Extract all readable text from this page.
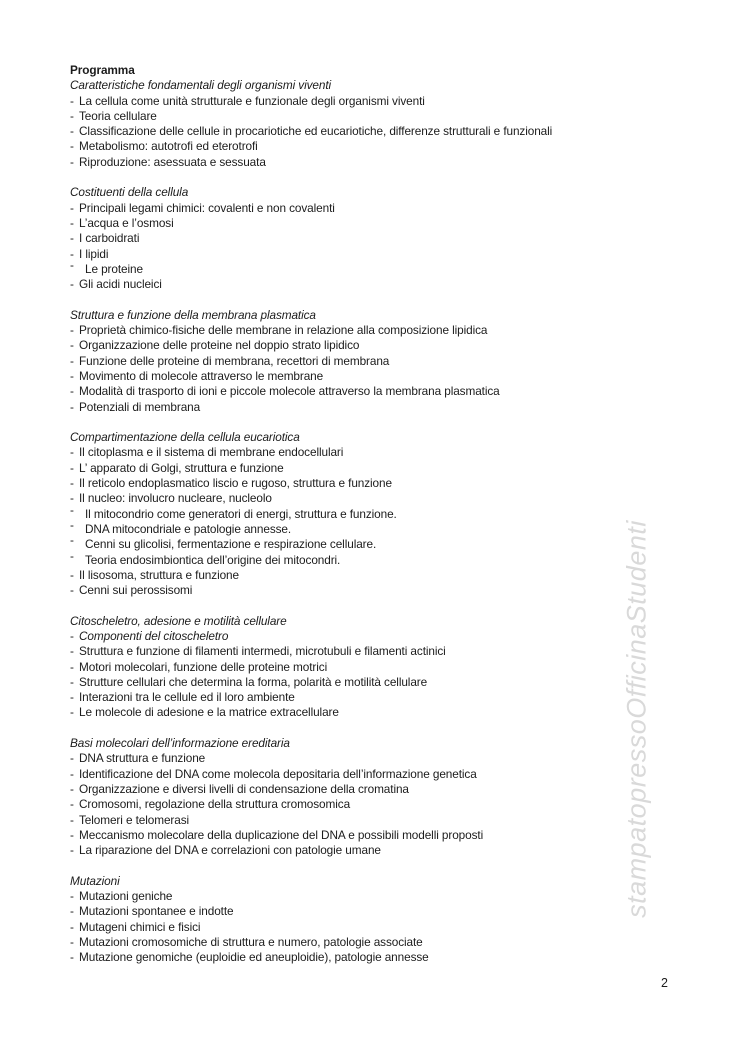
Programma
Caratteristiche fondamentali degli organismi viventi
- La cellula come unità strutturale e funzionale degli organismi viventi
- Teoria cellulare
- Classificazione delle cellule in procariotiche ed eucariotiche, differenze strutturali e funzionali
- Metabolismo: autotrofi ed eterotrofi
- Riproduzione: asessuata e sessuata
Costituenti della cellula
- Principali legami chimici: covalenti e non covalenti
- L’acqua e l’osmosi
- I carboidrati
- I lipidi
- Le proteine
- Gli acidi nucleici
Struttura e funzione della membrana plasmatica
- Proprietà chimico-fisiche delle membrane in relazione alla composizione lipidica
- Organizzazione delle proteine nel doppio strato lipidico
- Funzione delle proteine di membrana, recettori di membrana
- Movimento di molecole attraverso le membrane
- Modalità di trasporto di ioni e piccole molecole attraverso la membrana plasmatica
- Potenziali di membrana
Compartimentazione della cellula eucariotica
- Il citoplasma e il sistema di membrane endocellulari
- L’ apparato di Golgi, struttura e funzione
- Il reticolo endoplasmatico liscio e rugoso, struttura e funzione
- Il nucleo: involucro nucleare, nucleolo
- Il mitocondrio come generatori di energi, struttura e funzione.
- DNA mitocondriale e patologie annesse.
- Cenni su glicolisi, fermentazione e respirazione cellulare.
- Teoria endosimbiontica dell’origine dei mitocondri.
- Il lisosoma, struttura e funzione
- Cenni sui perossisomi
Citoscheletro, adesione e motilità cellulare
- Componenti del citoscheletro
- Struttura e funzione di filamenti intermedi, microtubuli e filamenti actinici
- Motori molecolari, funzione delle proteine motrici
- Strutture cellulari che determina la forma, polarità e motilità cellulare
- Interazioni tra le cellule ed il loro ambiente
- Le molecole di adesione e la matrice extracellulare
Basi molecolari dell’informazione ereditaria
- DNA struttura e funzione
- Identificazione del DNA come molecola depositaria dell’informazione genetica
- Organizzazione e diversi livelli di condensazione della cromatina
- Cromosomi, regolazione della struttura cromosomica
- Telomeri e telomerasi
- Meccanismo molecolare della duplicazione del DNA e possibili modelli proposti
- La riparazione del DNA e correlazioni con patologie umane
Mutazioni
- Mutazioni geniche
- Mutazioni spontanee e indotte
- Mutageni chimici e fisici
- Mutazioni cromosomiche di struttura e numero, patologie associate
- Mutazione genomiche (euploidie ed aneuploidie), patologie annesse
stampatopressoOfficinaStudenti
2
